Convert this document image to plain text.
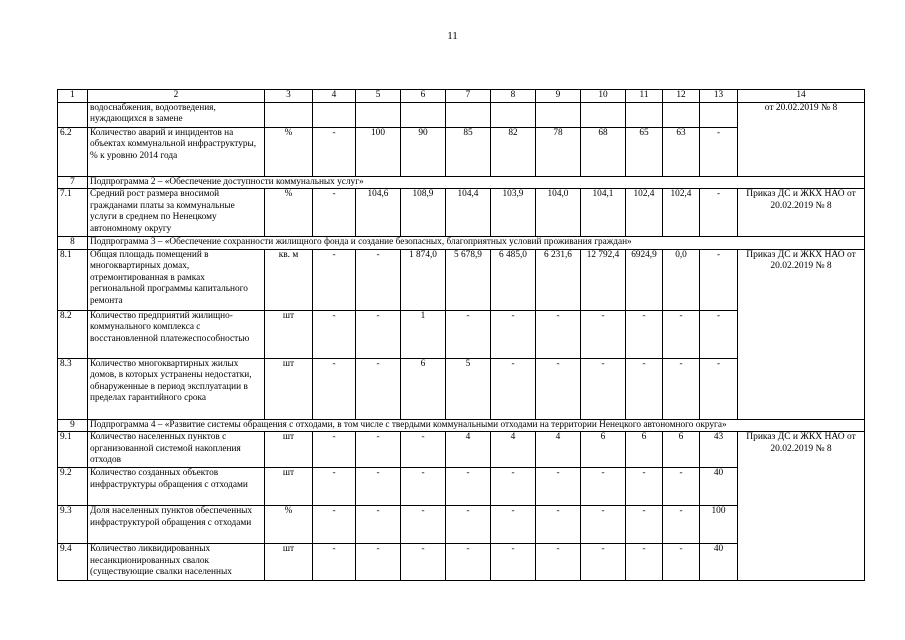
11
1	2	3	4	5	6	7	8	9	10	11	12	13	14
	водоснабжения, водоотведения, нуждающихся в замене												от 20.02.2019 № 8
6.2	Количество аварий и инцидентов на объектах коммунальной инфраструктуры, % к уровню 2014 года	%	-	100	90	85	82	78	68	65	63	-	
7	Подпрограмма 2 – «Обеспечение доступности коммунальных услуг»												
7.1	Средний рост размера вносимой гражданами платы за коммунальные услуги в среднем по Ненецкому автономному округу	%	-	104,6	108,9	104,4	103,9	104,0	104,1	102,4	102,4	-	Приказ ДС и ЖКХ НАО от 20.02.2019 № 8
8	Подпрограмма 3 – «Обеспечение сохранности жилищного фонда и создание безопасных, благоприятных условий проживания граждан»												
8.1	Общая площадь помещений в многоквартирных домах, отремонтированная в рамках региональной программы капитального ремонта	кв. м	-	-	1 874,0	5 678,9	6 485,0	6 231,6	12 792,4	6924,9	0,0	-	Приказ ДС и ЖКХ НАО от 20.02.2019 № 8
8.2	Количество предприятий жилищно-коммунального комплекса с восстановленной платежеспособностью	шт	-	-	1	-	-	-	-	-	-	-	
8.3	Количество многоквартирных жилых домов, в которых устранены недостатки, обнаруженные в период эксплуатации в пределах гарантийного срока	шт	-	-	6	5	-	-	-	-	-	-	
9	Подпрограмма 4 – «Развитие системы обращения с отходами, в том числе с твердыми коммунальными отходами на территории Ненецкого автономного округа»												
9.1	Количество населенных пунктов с организованной системой накопления отходов	шт	-	-	-	4	4	4	6	6	6	43	Приказ ДС и ЖКХ НАО от 20.02.2019 № 8
9.2	Количество созданных объектов инфраструктуры обращения с отходами	шт	-	-	-	-	-	-	-	-	-	40	
9.3	Доля населенных пунктов обеспеченных инфраструктурой обращения с отходами	%	-	-	-	-	-	-	-	-	-	100	
9.4	Количество ликвидированных несанкционированных свалок (существующие свалки населенных	шт	-	-	-	-	-	-	-	-	-	40	
